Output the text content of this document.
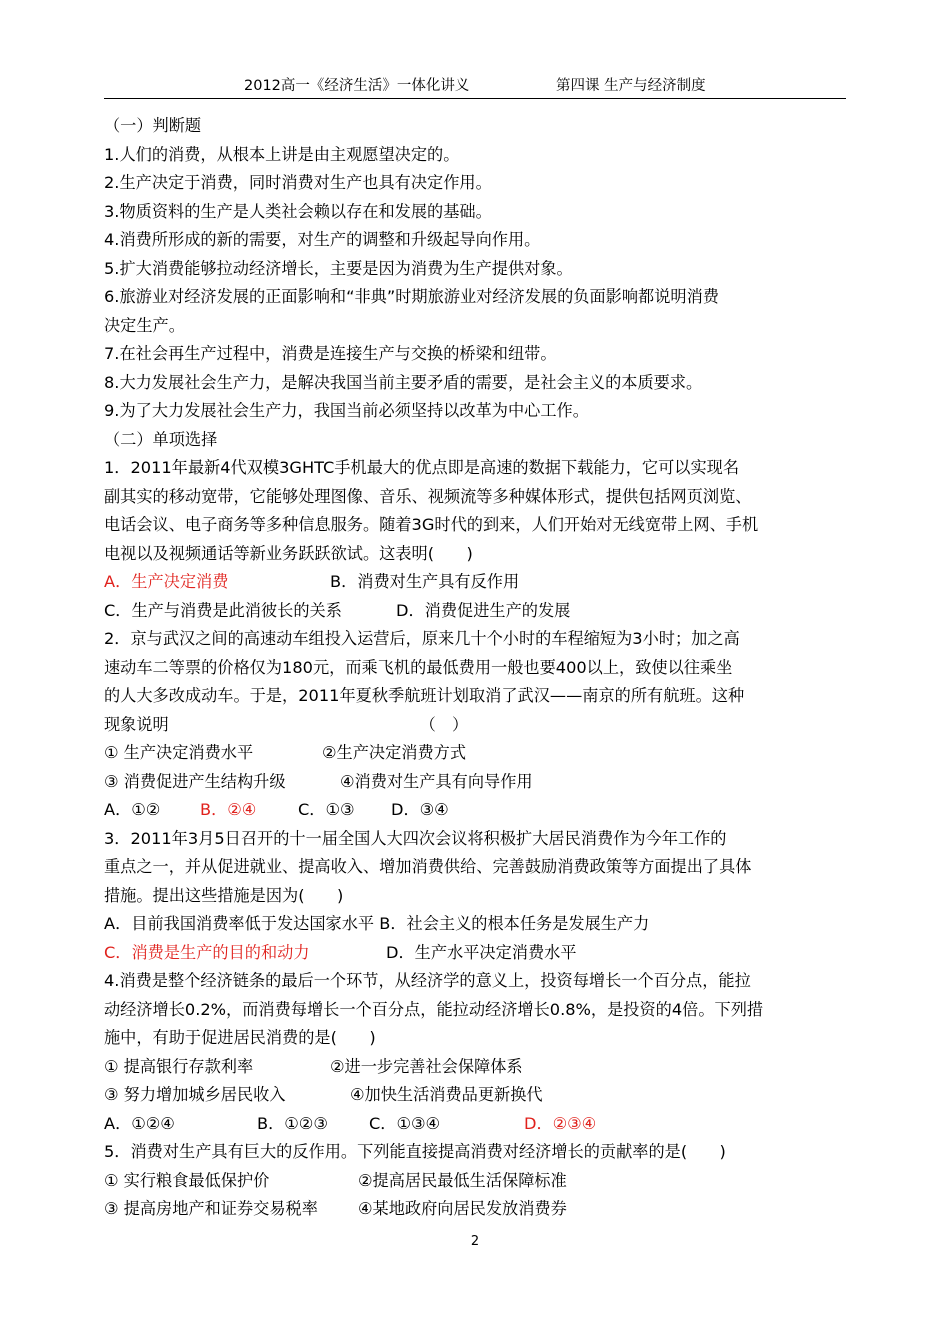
2012高一《经济生活》一体化讲义	第四课 生产与经济制度
（一）判断题
1.人们的消费，从根本上讲是由主观愿望决定的。
2.生产决定于消费，同时消费对生产也具有决定作用。
3.物质资料的生产是人类社会赖以存在和发展的基础。
4.消费所形成的新的需要，对生产的调整和升级起导向作用。
5.扩大消费能够拉动经济增长，主要是因为消费为生产提供对象。
6.旅游业对经济发展的正面影响和“非典”时期旅游业对经济发展的负面影响都说明消费
决定生产。
7.在社会再生产过程中，消费是连接生产与交换的桥梁和纽带。
8.大力发展社会生产力，是解决我国当前主要矛盾的需要，是社会主义的本质要求。
9.为了大力发展社会生产力，我国当前必须坚持以改革为中心工作。
（二）单项选择
1．2011年最新4代双模3GHTC手机最大的优点即是高速的数据下载能力，它可以实现名
副其实的移动宽带，它能够处理图像、音乐、视频流等多种媒体形式，提供包括网页浏览、
电话会议、电子商务等多种信息服务。随着3G时代的到来，人们开始对无线宽带上网、手机
电视以及视频通话等新业务跃跃欲试。这表明(　　)
A．生产决定消费	B．消费对生产具有反作用
C．生产与消费是此消彼长的关系	D．消费促进生产的发展
2．京与武汉之间的高速动车组投入运营后，原来几十个小时的车程缩短为3小时；加之高
速动车二等票的价格仅为180元，而乘飞机的最低费用一般也要400以上，致使以往乘坐
的人大多改成动车。于是，2011年夏秋季航班计划取消了武汉——南京的所有航班。这种
现象说明　　　　　　　　　　　　　　　　（　）
① 生产决定消费水平	②生产决定消费方式
③ 消费促进产生结构升级	④消费对生产具有向导作用
A．①② B．②④	C．①③ D．③④
3．2011年3月5日召开的十一届全国人大四次会议将积极扩大居民消费作为今年工作的
重点之一，并从促进就业、提高收入、增加消费供给、完善鼓励消费政策等方面提出了具体
措施。提出这些措施是因为(　　)
A．目前我国消费率低于发达国家水平 B．社会主义的根本任务是发展生产力
C．消费是生产的目的和动力	D．生产水平决定消费水平
4.消费是整个经济链条的最后一个环节，从经济学的意义上，投资每增长一个百分点，能拉
动经济增长0.2%，而消费每增长一个百分点，能拉动经济增长0.8%，是投资的4倍。下列措
施中，有助于促进居民消费的是(　　)
① 提高银行存款利率	②进一步完善社会保障体系
③ 努力增加城乡居民收入	④加快生活消费品更新换代
A．①②④	B．①②③	C．①③④	D．②③④
5．消费对生产具有巨大的反作用。下列能直接提高消费对经济增长的贡献率的是(　　)
① 实行粮食最低保护价	②提高居民最低生活保障标准
③ 提高房地产和证券交易税率 ④某地政府向居民发放消费券
2
